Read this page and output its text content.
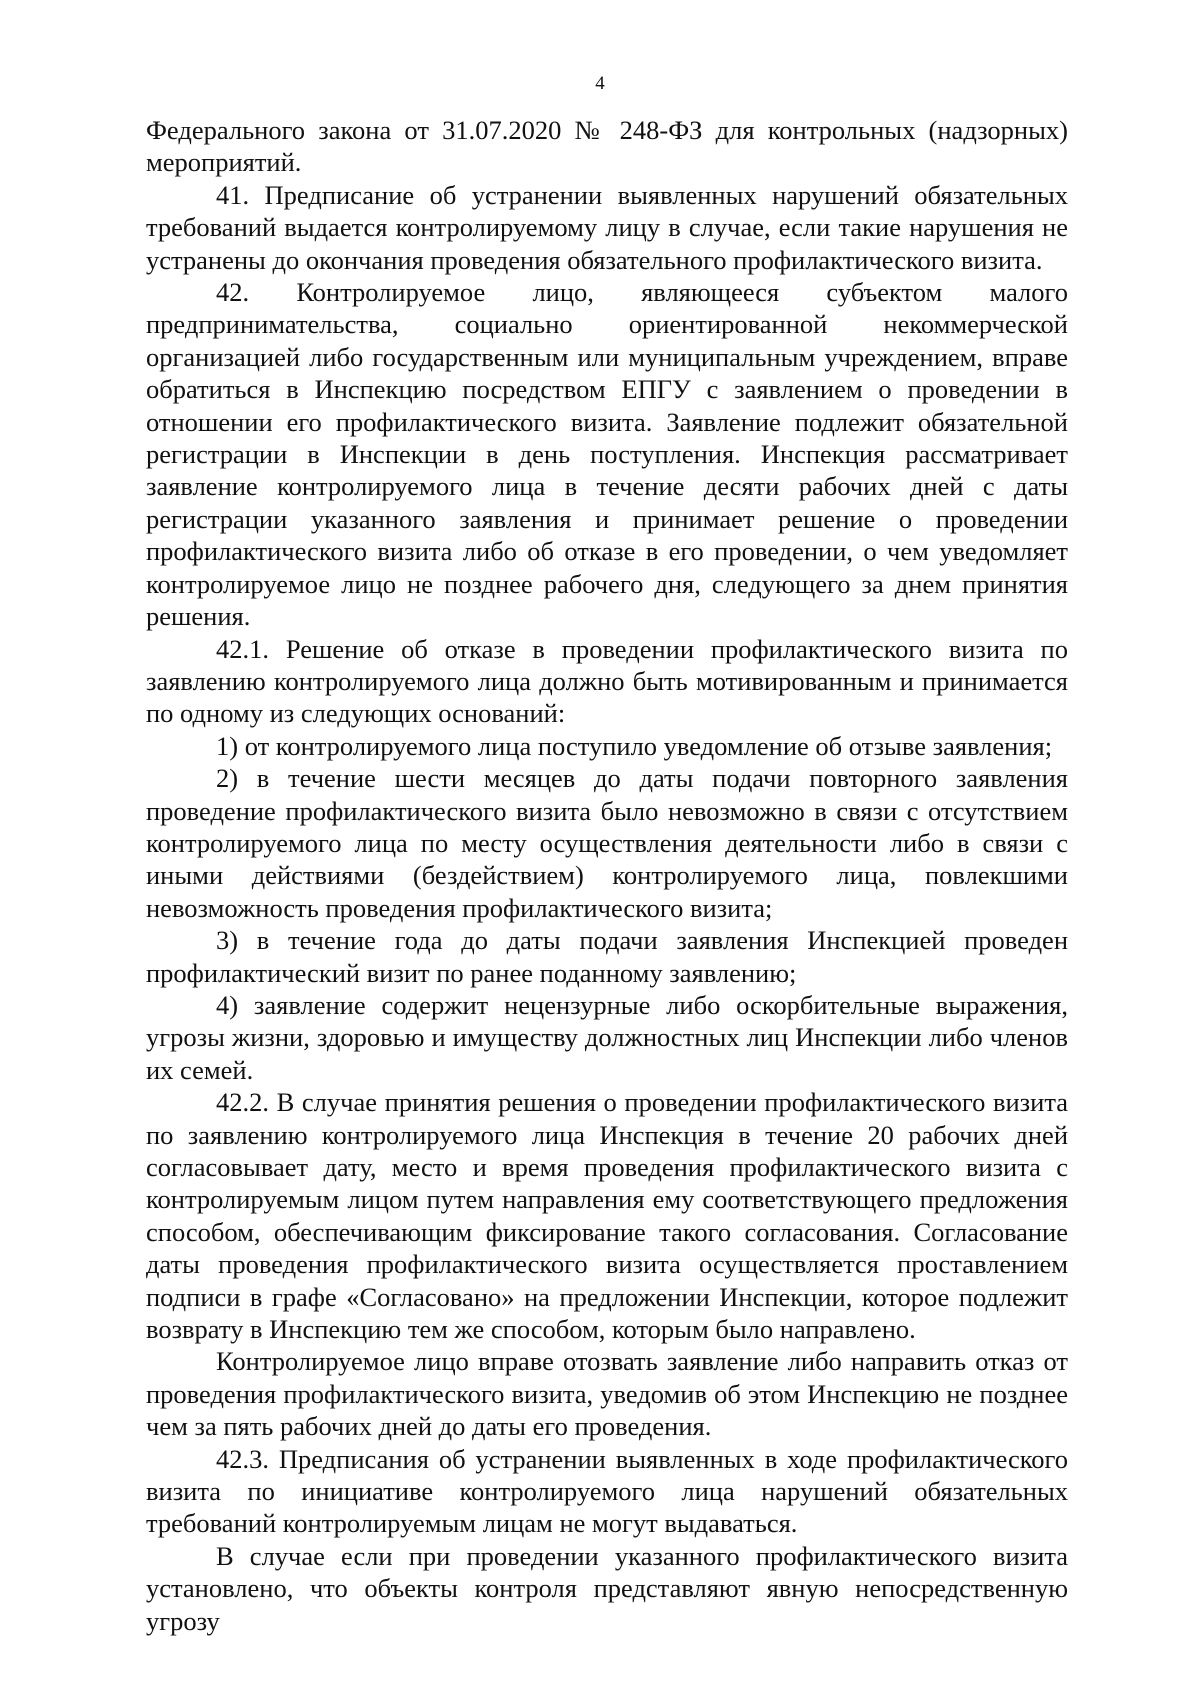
4

Федерального закона от 31.07.2020 № 248-ФЗ для контрольных (надзорных) мероприятий.

41. Предписание об устранении выявленных нарушений обязательных требований выдается контролируемому лицу в случае, если такие нарушения не устранены до окончания проведения обязательного профилактического визита.

42. Контролируемое лицо, являющееся субъектом малого предпринимательства, социально ориентированной некоммерческой организацией либо государственным или муниципальным учреждением, вправе обратиться в Инспекцию посредством ЕПГУ с заявлением о проведении в отношении его профилактического визита. Заявление подлежит обязательной регистрации в Инспекции в день поступления. Инспекция рассматривает заявление контролируемого лица в течение десяти рабочих дней с даты регистрации указанного заявления и принимает решение о проведении профилактического визита либо об отказе в его проведении, о чем уведомляет контролируемое лицо не позднее рабочего дня, следующего за днем принятия решения.

42.1. Решение об отказе в проведении профилактического визита по заявлению контролируемого лица должно быть мотивированным и принимается по одному из следующих оснований:

1) от контролируемого лица поступило уведомление об отзыве заявления;

2) в течение шести месяцев до даты подачи повторного заявления проведение профилактического визита было невозможно в связи с отсутствием контролируемого лица по месту осуществления деятельности либо в связи с иными действиями (бездействием) контролируемого лица, повлекшими невозможность проведения профилактического визита;

3) в течение года до даты подачи заявления Инспекцией проведен профилактический визит по ранее поданному заявлению;

4) заявление содержит нецензурные либо оскорбительные выражения, угрозы жизни, здоровью и имуществу должностных лиц Инспекции либо членов их семей.

42.2. В случае принятия решения о проведении профилактического визита по заявлению контролируемого лица Инспекция в течение 20 рабочих дней согласовывает дату, место и время проведения профилактического визита с контролируемым лицом путем направления ему соответствующего предложения способом, обеспечивающим фиксирование такого согласования. Согласование даты проведения профилактического визита осуществляется проставлением подписи в графе «Согласовано» на предложении Инспекции, которое подлежит возврату в Инспекцию тем же способом, которым было направлено.

Контролируемое лицо вправе отозвать заявление либо направить отказ от проведения профилактического визита, уведомив об этом Инспекцию не позднее чем за пять рабочих дней до даты его проведения.

42.3. Предписания об устранении выявленных в ходе профилактического визита по инициативе контролируемого лица нарушений обязательных требований контролируемым лицам не могут выдаваться.

В случае если при проведении указанного профилактического визита установлено, что объекты контроля представляют явную непосредственную угрозу
